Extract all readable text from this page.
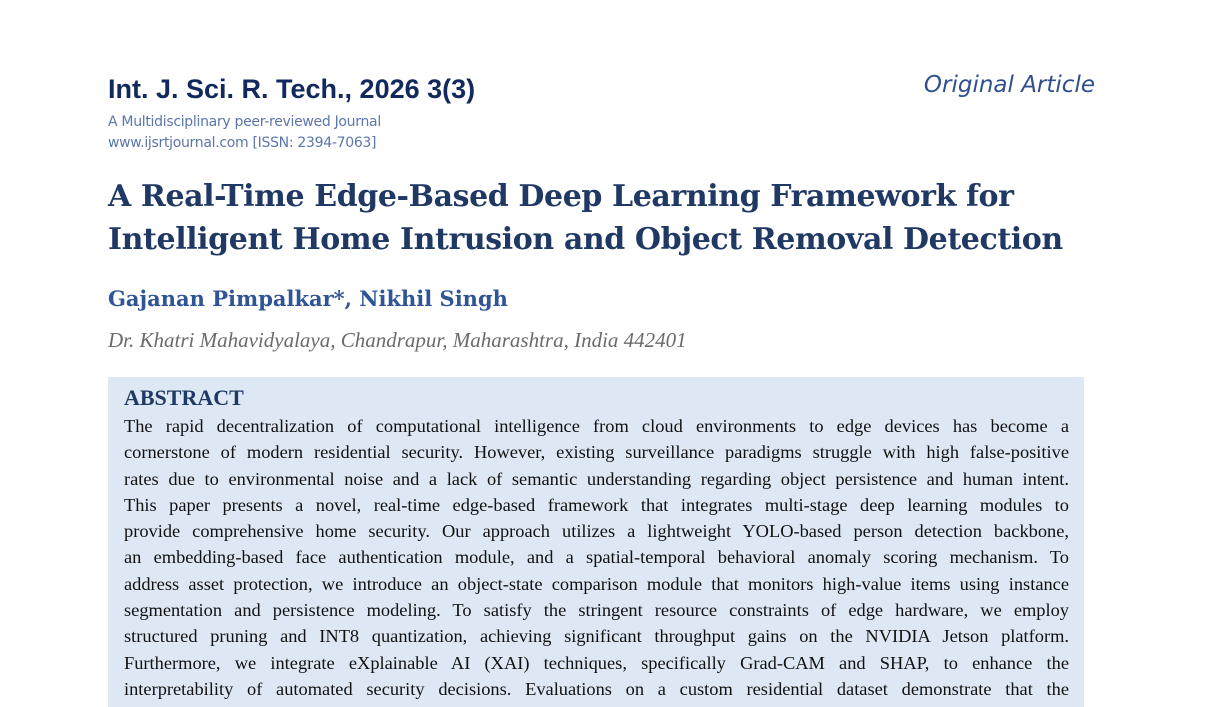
Int. J. Sci. R. Tech., 2026 3(3)
A Multidisciplinary peer-reviewed Journal
www.ijsrtjournal.com [ISSN: 2394-7063]
Original Article
A Real-Time Edge-Based Deep Learning Framework for
Intelligent Home Intrusion and Object Removal Detection
Gajanan Pimpalkar*, Nikhil Singh
Dr. Khatri Mahavidyalaya, Chandrapur, Maharashtra, India 442401
ABSTRACT
The rapid decentralization of computational intelligence from cloud environments to edge devices has become a
cornerstone of modern residential security. However, existing surveillance paradigms struggle with high false-positive
rates due to environmental noise and a lack of semantic understanding regarding object persistence and human intent.
This paper presents a novel, real-time edge-based framework that integrates multi-stage deep learning modules to
provide comprehensive home security. Our approach utilizes a lightweight YOLO-based person detection backbone,
an embedding-based face authentication module, and a spatial-temporal behavioral anomaly scoring mechanism. To
address asset protection, we introduce an object-state comparison module that monitors high-value items using instance
segmentation and persistence modeling. To satisfy the stringent resource constraints of edge hardware, we employ
structured pruning and INT8 quantization, achieving significant throughput gains on the NVIDIA Jetson platform.
Furthermore, we integrate eXplainable AI (XAI) techniques, specifically Grad-CAM and SHAP, to enhance the
interpretability of automated security decisions. Evaluations on a custom residential dataset demonstrate that the
